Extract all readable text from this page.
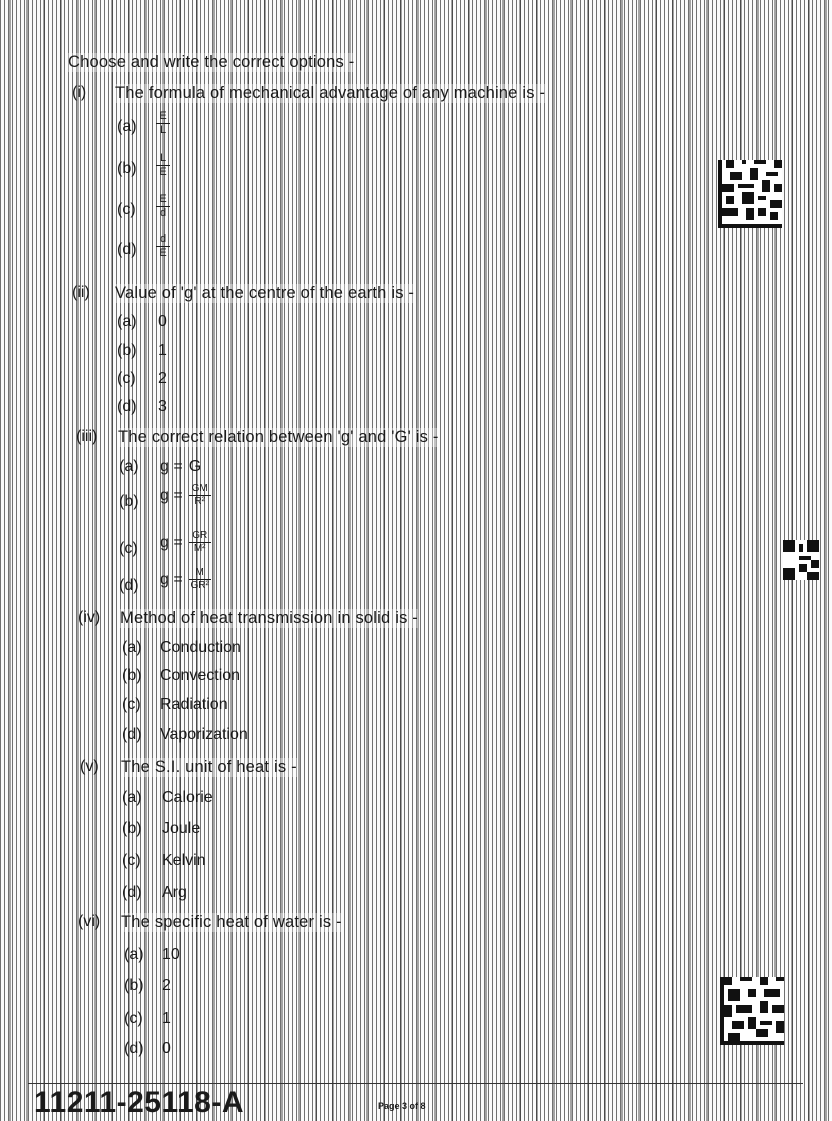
Choose and write the correct options -
(i) The formula of mechanical advantage of any machine is -
(a)
E
L
(b)
L
E
(c)
E
d
(d)
d
E
(ii) Value of 'g' at the centre of the earth is -
(a) 0
(b) 1
(c) 2
(d) 3
(iii) The correct relation between 'g' and 'G' is -
(a) g = G
(b) g = GM
R²
(c) g = GR
M²
(d) g = M
GR²
(iv) Method of heat transmission in solid is -
(a) Conduction
(b) Convection
(c) Radiation
(d) Vaporization
(v) The S.I. unit of heat is -
(a) Calorie
(b) Joule
(c) Kelvin
(d) Arg
(vi) The specific heat of water is -
(a) 10
(b) 2
(c) 1
(d) 0
11211-25118-A	Page 3 of 8
